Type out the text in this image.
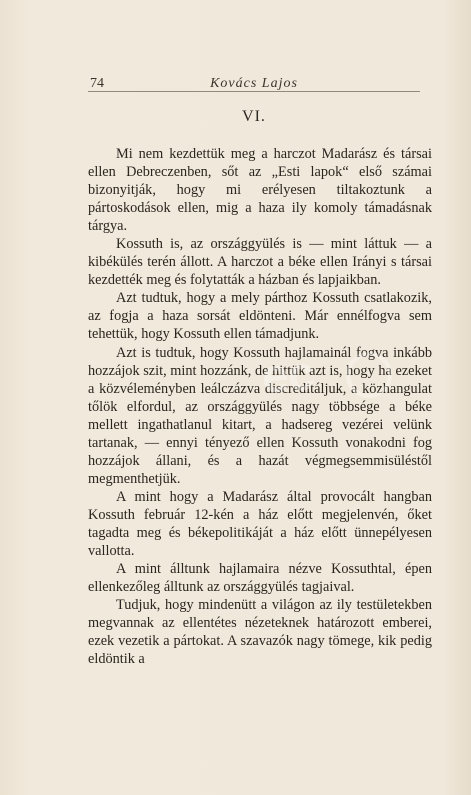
74	Kovács Lajos
VI.

Mi nem kezdettük meg a harczot Madarász és társai ellen Debreczenben, sőt az „Esti lapok“ első számai bizonyitják, hogy mi erélyesen tiltakoztunk a pártoskodások ellen, mig a haza ily komoly támadásnak tárgya.

Kossuth is, az országgyülés is — mint láttuk — a kibékülés terén állott. A harczot a béke ellen Irányi s társai kezdették meg és folytatták a házban és lapjaikban.

Azt tudtuk, hogy a mely párthoz Kossuth csatlakozik, az fogja a haza sorsát eldönteni. Már ennélfogva sem tehettük, hogy Kossuth ellen támadjunk.

Azt is tudtuk, hogy Kossuth hajlamainál fogva inkább hozzájok szit, mint hozzánk, de hittük azt is, hogy ha ezeket a közvéleményben leálczázva discreditáljuk, a közhangulat tőlök elfordul, az országgyülés nagy többsége a béke mellett ingathatlanul kitart, a hadsereg vezérei velünk tartanak, — ennyi tényező ellen Kossuth vonakodni fog hozzájok állani, és a hazát végmegsemmisüléstől megmenthetjük.

A mint hogy a Madarász által provocált hangban Kossuth február 12-kén a ház előtt megjelenvén, őket tagadta meg és békepolitikáját a ház előtt ünnepélyesen vallotta.

A mint álltunk hajlamaira nézve Kossuthtal, épen ellenkezőleg álltunk az országgyülés tagjaival.

Tudjuk, hogy mindenütt a világon az ily testületekben megvannak az ellentétes nézeteknek határozott emberei, ezek vezetik a pártokat. A szavazók nagy tömege, kik pedig eldöntik a

ec
